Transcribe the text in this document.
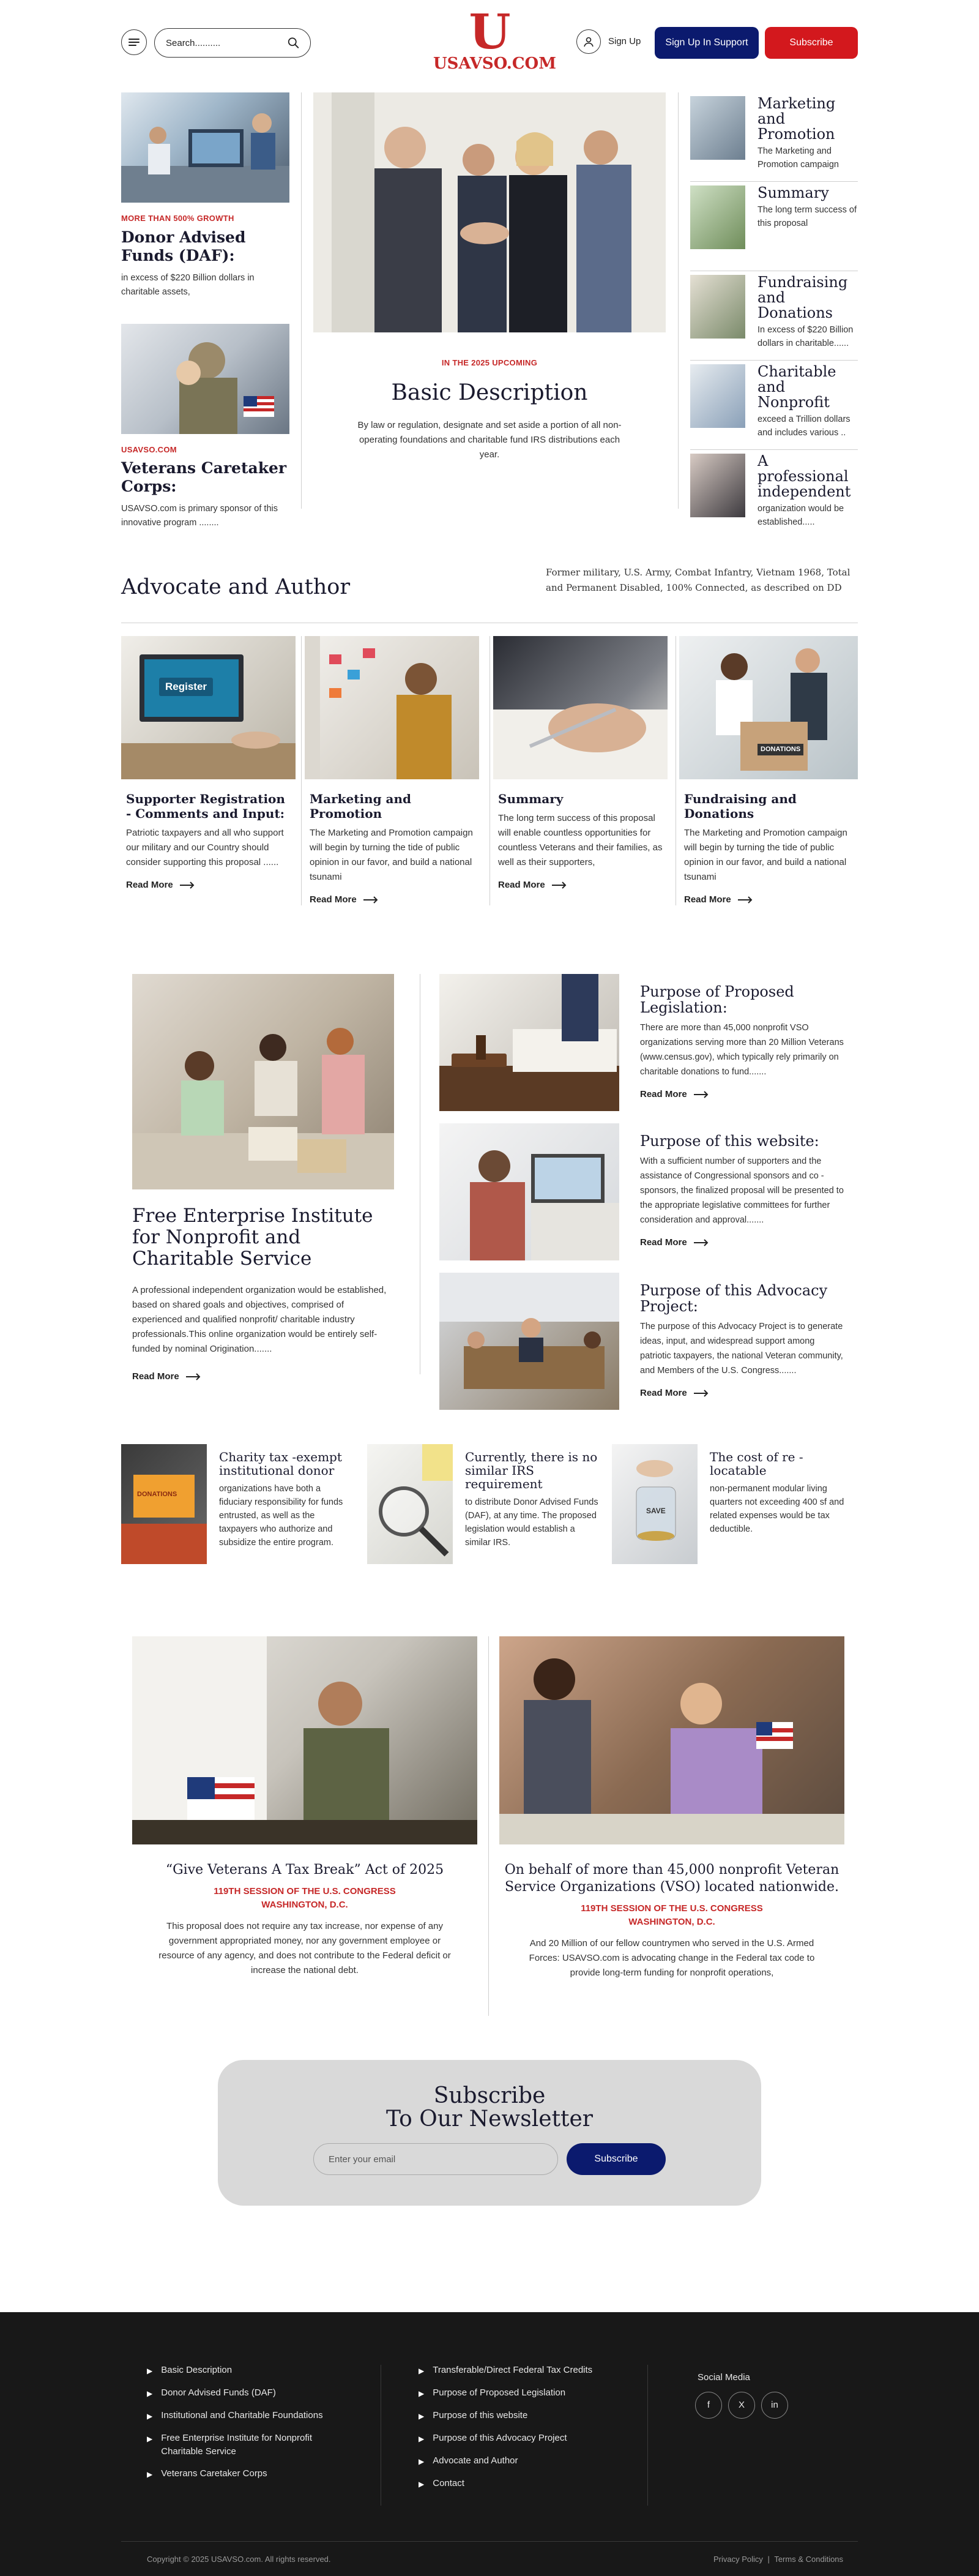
Search..........
U
USAVSO.COM
Sign Up	Sign Up In Support	Subscribe
MORE THAN 500% GROWTH
Donor Advised Funds (DAF):

in excess of $220 Billion dollars in charitable assets,

USAVSO.COM
Veterans Caretaker Corps:

USAVSO.com is primary sponsor of this innovative program ........

IN THE 2025 UPCOMING
Basic Description

By law or regulation, designate and set aside a portion of all non- operating foundations and charitable fund IRS distributions each year.

Marketing and Promotion

The Marketing and Promotion campaign

Summary

The long term success of this proposal

Fundraising and Donations

In excess of $220 Billion dollars in charitable......

Charitable and Nonprofit

exceed a Trillion dollars and includes various ..

A professional independent

organization would be established.....

Advocate and Author

Former military, U.S. Army, Combat Infantry, Vietnam 1968, Total and Permanent Disabled, 100% Connected, as described on DD

Register
Supporter Registration - Comments and Input:

Patriotic taxpayers and all who support our military and our Country should consider supporting this proposal ......

Read More
Marketing and Promotion

The Marketing and Promotion campaign will begin by turning the tide of public opinion in our favor, and build a national tsunami

Read More
Summary

The long term success of this proposal will enable countless opportunities for countless Veterans and their families, as well as their supporters,

Read More
DONATIONS
Fundraising and Donations

The Marketing and Promotion campaign will begin by turning the tide of public opinion in our favor, and build a national tsunami

Read More
Free Enterprise Institute for Nonprofit and Charitable Service

A professional independent organization would be established, based on shared goals and objectives, comprised of experienced and qualified nonprofit/ charitable industry professionals.This online organization would be entirely self-funded by nominal Origination.......

Read More
Purpose of Proposed Legislation:

There are more than 45,000 nonprofit VSO organizations serving more than 20 Million Veterans (www.census.gov), which typically rely primarily on charitable donations to fund.......

Read More
Purpose of this website:

With a sufficient number of supporters and the assistance of Congressional sponsors and co -sponsors, the finalized proposal will be presented to the appropriate legislative committees for further consideration and approval.......

Read More
Purpose of this Advocacy Project:

The purpose of this Advocacy Project is to generate ideas, input, and widespread support among patriotic taxpayers, the national Veteran community, and Members of the U.S. Congress.......

Read More
DONATIONS
Charity tax -exempt institutional donor

organizations have both a fiduciary responsibility for funds entrusted, as well as the taxpayers who authorize and subsidize the entire program.

Currently, there is no similar IRS requirement

to distribute Donor Advised Funds (DAF), at any time. The proposed legislation would establish a similar IRS.

SAVE
The cost of re -locatable

non-permanent modular living quarters not exceeding 400 sf and related expenses would be tax deductible.

“Give Veterans A Tax Break” Act of 2025
119TH SESSION OF THE U.S. CONGRESS
WASHINGTON, D.C.

This proposal does not require any tax increase, nor expense of any government appropriated money, nor any government employee or resource of any agency, and does not contribute to the Federal deficit or increase the national debt.

On behalf of more than 45,000 nonprofit Veteran Service Organizations (VSO) located nationwide.
119TH SESSION OF THE U.S. CONGRESS
WASHINGTON, D.C.

And 20 Million of our fellow countrymen who served in the U.S. Armed Forces: USAVSO.com is advocating change in the Federal tax code to provide long-term funding for nonprofit operations,

Subscribe
To Our Newsletter
Enter your email
Subscribe
▶ Basic Description
▶ Donor Advised Funds (DAF)
▶ Institutional and Charitable Foundations
▶ Free Enterprise Institute for Nonprofit Charitable Service
▶ Veterans Caretaker Corps
▶ Transferable/Direct Federal Tax Credits
▶ Purpose of Proposed Legislation
▶ Purpose of this website
▶ Purpose of this Advocacy Project
▶ Advocate and Author
▶ Contact
Social Media
f	X	in
Copyright © 2025 USAVSO.com. All rights reserved.	Privacy Policy | Terms & Conditions
